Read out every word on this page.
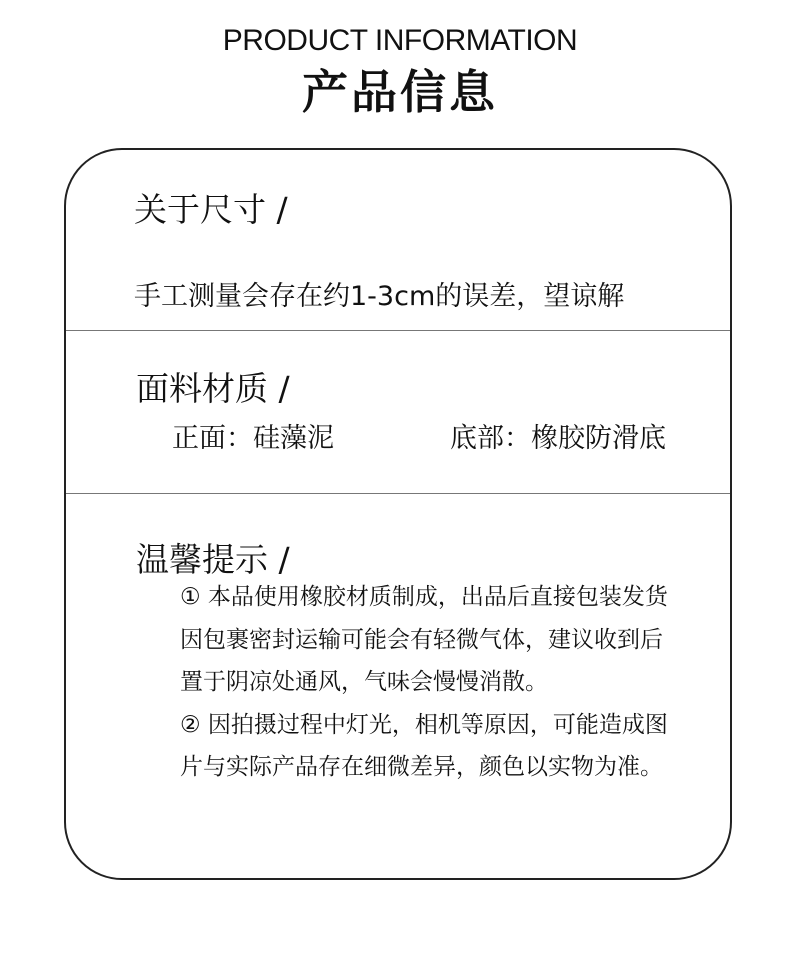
PRODUCT INFORMATION
产品信息
关于尺寸 /
手工测量会存在约1-3cm的误差，望谅解
面料材质 /
正面：硅藻泥	底部：橡胶防滑底
温馨提示 /
① 本品使用橡胶材质制成，出品后直接包装发货
因包裹密封运输可能会有轻微气体，建议收到后
置于阴凉处通风，气味会慢慢消散。
② 因拍摄过程中灯光，相机等原因，可能造成图
片与实际产品存在细微差异，颜色以实物为准。
